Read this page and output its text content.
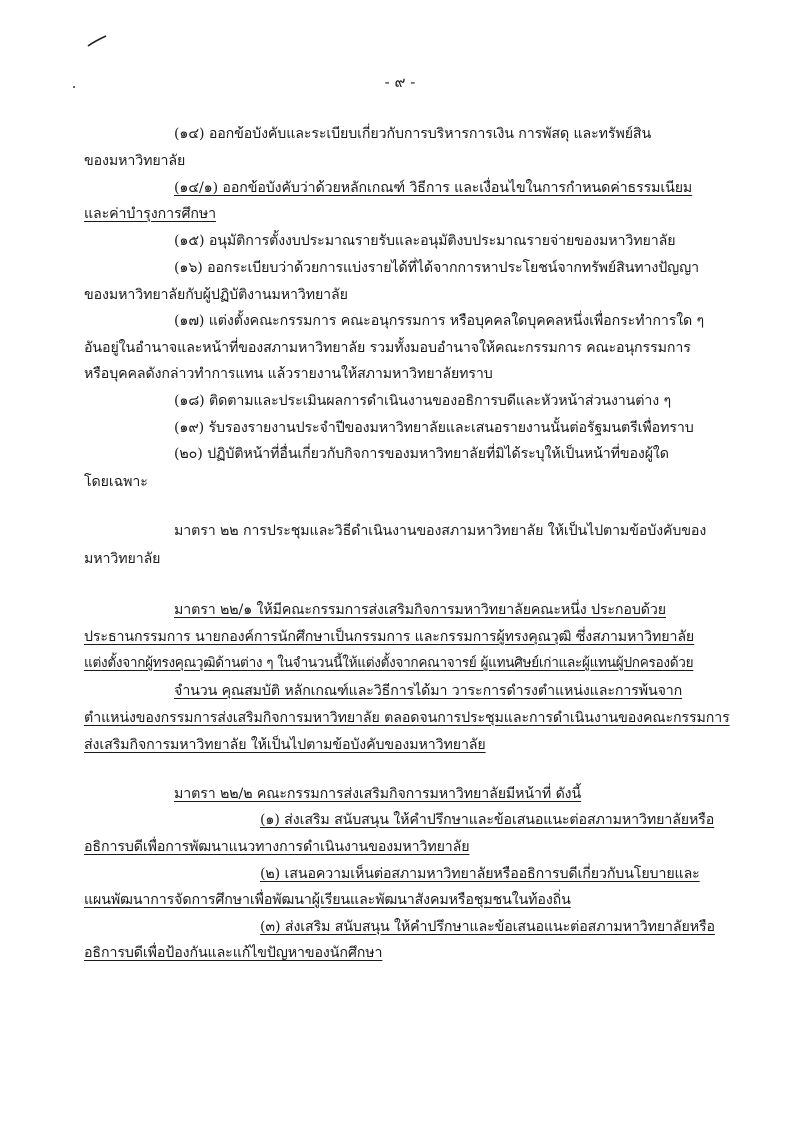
- ๙ -
(๑๔) ออกข้อบังคับและระเบียบเกี่ยวกับการบริหารการเงิน การพัสดุ และทรัพย์สิน
ของมหาวิทยาลัย
(๑๔/๑) ออกข้อบังคับว่าด้วยหลักเกณฑ์ วิธีการ และเงื่อนไขในการกำหนดค่าธรรมเนียม
และค่าบำรุงการศึกษา
(๑๕) อนุมัติการตั้งงบประมาณรายรับและอนุมัติงบประมาณรายจ่ายของมหาวิทยาลัย
(๑๖) ออกระเบียบว่าด้วยการแบ่งรายได้ที่ได้จากการหาประโยชน์จากทรัพย์สินทางปัญญา
ของมหาวิทยาลัยกับผู้ปฏิบัติงานมหาวิทยาลัย
(๑๗) แต่งตั้งคณะกรรมการ คณะอนุกรรมการ หรือบุคคลใดบุคคลหนึ่งเพื่อกระทำการใด ๆ
อันอยู่ในอำนาจและหน้าที่ของสภามหาวิทยาลัย รวมทั้งมอบอำนาจให้คณะกรรมการ คณะอนุกรรมการ
หรือบุคคลดังกล่าวทำการแทน แล้วรายงานให้สภามหาวิทยาลัยทราบ
(๑๘) ติดตามและประเมินผลการดำเนินงานของอธิการบดีและหัวหน้าส่วนงานต่าง ๆ
(๑๙) รับรองรายงานประจำปีของมหาวิทยาลัยและเสนอรายงานนั้นต่อรัฐมนตรีเพื่อทราบ
(๒๐) ปฏิบัติหน้าที่อื่นเกี่ยวกับกิจการของมหาวิทยาลัยที่มิได้ระบุให้เป็นหน้าที่ของผู้ใด
โดยเฉพาะ
มาตรา ๒๒ การประชุมและวิธีดำเนินงานของสภามหาวิทยาลัย ให้เป็นไปตามข้อบังคับของ
มหาวิทยาลัย
มาตรา ๒๒/๑ ให้มีคณะกรรมการส่งเสริมกิจการมหาวิทยาลัยคณะหนึ่ง ประกอบด้วย
ประธานกรรมการ นายกองค์การนักศึกษาเป็นกรรมการ และกรรมการผู้ทรงคุณวุฒิ ซึ่งสภามหาวิทยาลัย
แต่งตั้งจากผู้ทรงคุณวุฒิด้านต่าง ๆ ในจำนวนนี้ให้แต่งตั้งจากคณาจารย์ ผู้แทนศิษย์เก่าและผู้แทนผู้ปกครองด้วย
จำนวน คุณสมบัติ หลักเกณฑ์และวิธีการได้มา วาระการดำรงตำแหน่งและการพ้นจาก
ตำแหน่งของกรรมการส่งเสริมกิจการมหาวิทยาลัย ตลอดจนการประชุมและการดำเนินงานของคณะกรรมการ
ส่งเสริมกิจการมหาวิทยาลัย ให้เป็นไปตามข้อบังคับของมหาวิทยาลัย
มาตรา ๒๒/๒ คณะกรรมการส่งเสริมกิจการมหาวิทยาลัยมีหน้าที่ ดังนี้
(๑) ส่งเสริม สนับสนุน ให้คำปรึกษาและข้อเสนอแนะต่อสภามหาวิทยาลัยหรือ
อธิการบดีเพื่อการพัฒนาแนวทางการดำเนินงานของมหาวิทยาลัย
(๒) เสนอความเห็นต่อสภามหาวิทยาลัยหรืออธิการบดีเกี่ยวกับนโยบายและ
แผนพัฒนาการจัดการศึกษาเพื่อพัฒนาผู้เรียนและพัฒนาสังคมหรือชุมชนในท้องถิ่น
(๓) ส่งเสริม สนับสนุน ให้คำปรึกษาและข้อเสนอแนะต่อสภามหาวิทยาลัยหรือ
อธิการบดีเพื่อป้องกันและแก้ไขปัญหาของนักศึกษา
